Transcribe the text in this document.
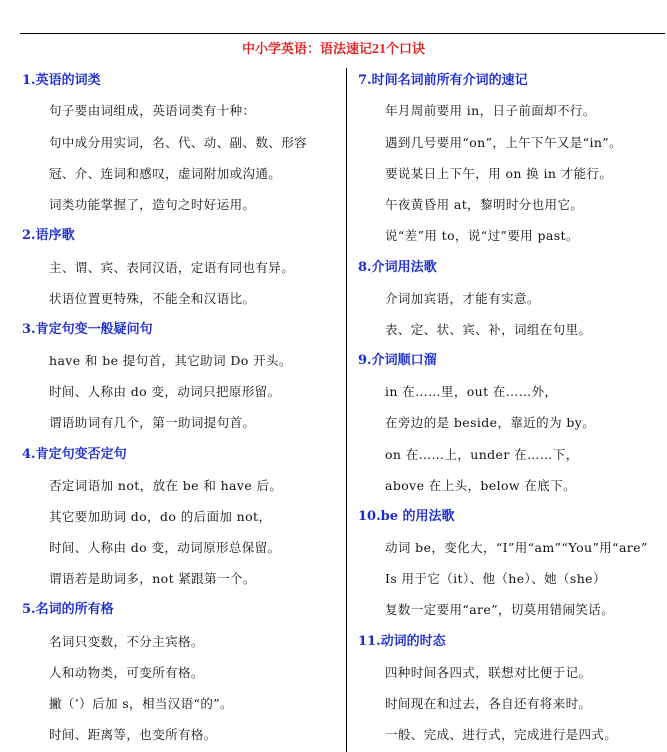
中小学英语：语法速记21个口诀
1.英语的词类
句子要由词组成，英语词类有十种：
句中成分用实词，名、代、动、副、数、形容
冠、介、连词和感叹，虚词附加或沟通。
词类功能掌握了，造句之时好运用。
2.语序歌
主、谓、宾、表同汉语，定语有同也有异。
状语位置更特殊，不能全和汉语比。
3.肯定句变一般疑问句
have 和 be 提句首，其它助词 Do 开头。
时间、人称由 do 变，动词只把原形留。
谓语助词有几个，第一助词提句首。
4.肯定句变否定句
否定词语加 not，放在 be 和 have 后。
其它要加助词 do，do 的后面加 not，
时间、人称由 do 变，动词原形总保留。
谓语若是助词多，not 紧跟第一个。
5.名词的所有格
名词只变数，不分主宾格。
人和动物类，可变所有格。
撇（’）后加 s，相当汉语“的”。
时间、距离等，也变所有格。
7.时间名词前所有介词的速记
年月周前要用 in，日子前面却不行。
遇到几号要用“on”，上午下午又是“in”。
要说某日上下午，用 on 换 in 才能行。
午夜黄昏用 at，黎明时分也用它。
说“差”用 to，说“过”要用 past。
8.介词用法歌
介词加宾语，才能有实意。
表、定、状、宾、补，词组在句里。
9.介词顺口溜
in 在……里，out 在……外，
在旁边的是 beside，靠近的为 by。
on 在……上，under 在……下，
above 在上头，below 在底下。
10.be 的用法歌
动词 be，变化大，“I”用“am”“You”用“are”
Is 用于它（it）、他（he）、她（she）
复数一定要用“are”，切莫用错闹笑话。
11.动词的时态
四种时间各四式，联想对比便于记。
时间现在和过去，各自还有将来时。
一般、完成、进行式，完成进行是四式。
